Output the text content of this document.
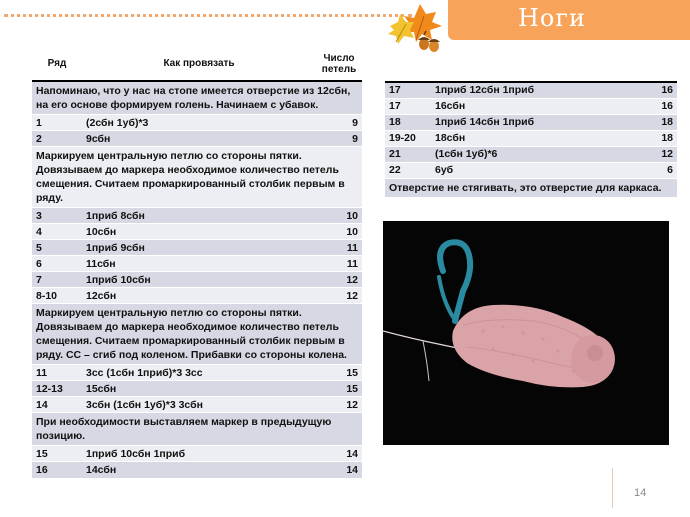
Ноги
Ряд	Как провязать	Число петель
Напоминаю, что у нас на стопе имеется отверстие из 12сбн, на его основе формируем голень. Начинаем с убавок.		
1	(2сбн 1уб)*3	9
2	9сбн	9
Маркируем центральную петлю со стороны пятки. Довязываем до маркера необходимое количество петель смещения. Считаем промаркированный столбик первым в ряду.		
3	1приб 8сбн	10
4	10сбн	10
5	1приб 9сбн	11
6	11сбн	11
7	1приб 10сбн	12
8-10	12сбн	12
Маркируем центральную петлю со стороны пятки. Довязываем до маркера необходимое количество петель смещения. Считаем промаркированный столбик первым в ряду. СС – сгиб под коленом. Прибавки со стороны колена.		
11	3сс (1сбн 1приб)*3 3сс	15
12-13	15сбн	15
14	3сбн (1сбн 1уб)*3 3сбн	12
При необходимости выставляем маркер в предыдущую позицию.		
15	1приб 10сбн 1приб	14
16	14сбн	14
17	1приб 12сбн 1приб	16
17	16сбн	16
18	1приб 14сбн 1приб	18
19-20	18сбн	18
21	(1сбн 1уб)*6	12
22	6уб	6
Отверстие не стягивать, это отверстие для каркаса.		
14
